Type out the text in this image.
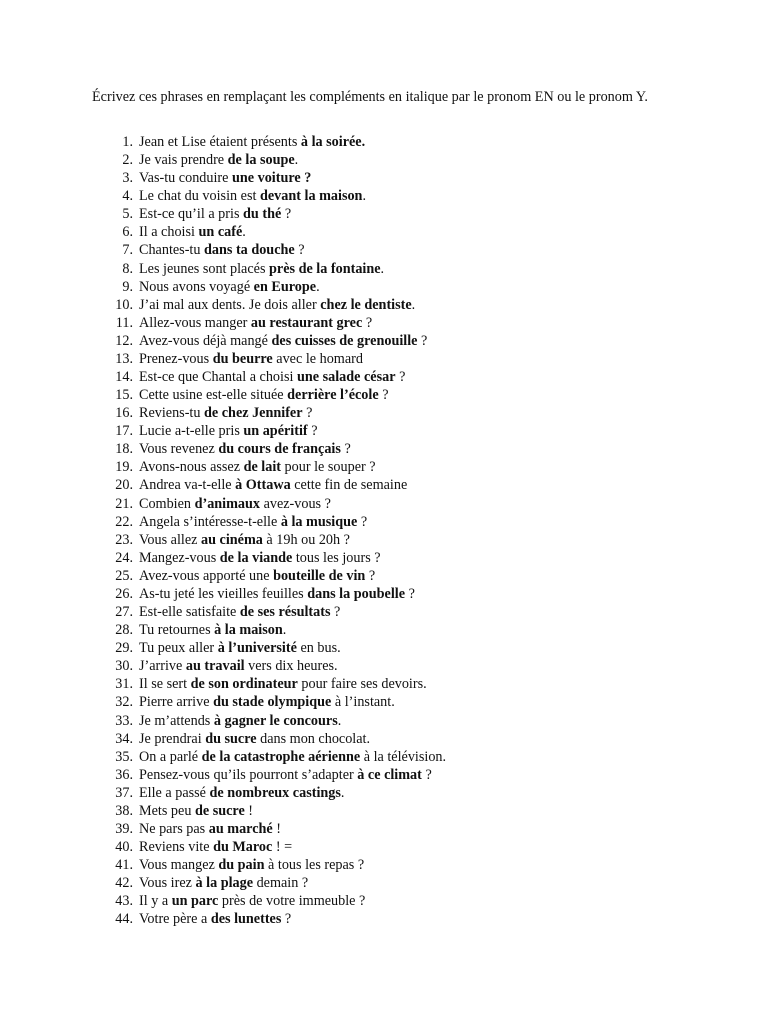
Écrivez ces phrases en remplaçant les compléments en italique par le pronom EN ou le pronom Y.
1. Jean et Lise étaient présents à la soirée.
2. Je vais prendre de la soupe.
3. Vas-tu conduire une voiture ?
4. Le chat du voisin est devant la maison.
5. Est-ce qu’il a pris du thé ?
6. Il a choisi un café.
7. Chantes-tu dans ta douche ?
8. Les jeunes sont placés près de la fontaine.
9. Nous avons voyagé en Europe.
10. J’ai mal aux dents. Je dois aller chez le dentiste.
11. Allez-vous manger au restaurant grec ?
12. Avez-vous déjà mangé des cuisses de grenouille ?
13. Prenez-vous du beurre avec le homard
14. Est-ce que Chantal a choisi une salade césar ?
15. Cette usine est-elle située derrière l’école ?
16. Reviens-tu de chez Jennifer ?
17. Lucie a-t-elle pris un apéritif ?
18. Vous revenez du cours de français ?
19. Avons-nous assez de lait pour le souper ?
20. Andrea va-t-elle à Ottawa cette fin de semaine
21. Combien d’animaux avez-vous ?
22. Angela s’intéresse-t-elle à la musique ?
23. Vous allez au cinéma à 19h ou 20h ?
24. Mangez-vous de la viande tous les jours ?
25. Avez-vous apporté une bouteille de vin ?
26. As-tu jeté les vieilles feuilles dans la poubelle ?
27. Est-elle satisfaite de ses résultats ?
28. Tu retournes à la maison.
29. Tu peux aller à l’université en bus.
30. J’arrive au travail vers dix heures.
31. Il se sert de son ordinateur pour faire ses devoirs.
32. Pierre arrive du stade olympique à l’instant.
33. Je m’attends à gagner le concours.
34. Je prendrai du sucre dans mon chocolat.
35. On a parlé de la catastrophe aérienne à la télévision.
36. Pensez-vous qu’ils pourront s’adapter à ce climat ?
37. Elle a passé de nombreux castings.
38. Mets peu de sucre !
39. Ne pars pas au marché !
40. Reviens vite du Maroc ! =
41. Vous mangez du pain à tous les repas ?
42. Vous irez à la plage demain ?
43. Il y a un parc près de votre immeuble ?
44. Votre père a des lunettes ?
